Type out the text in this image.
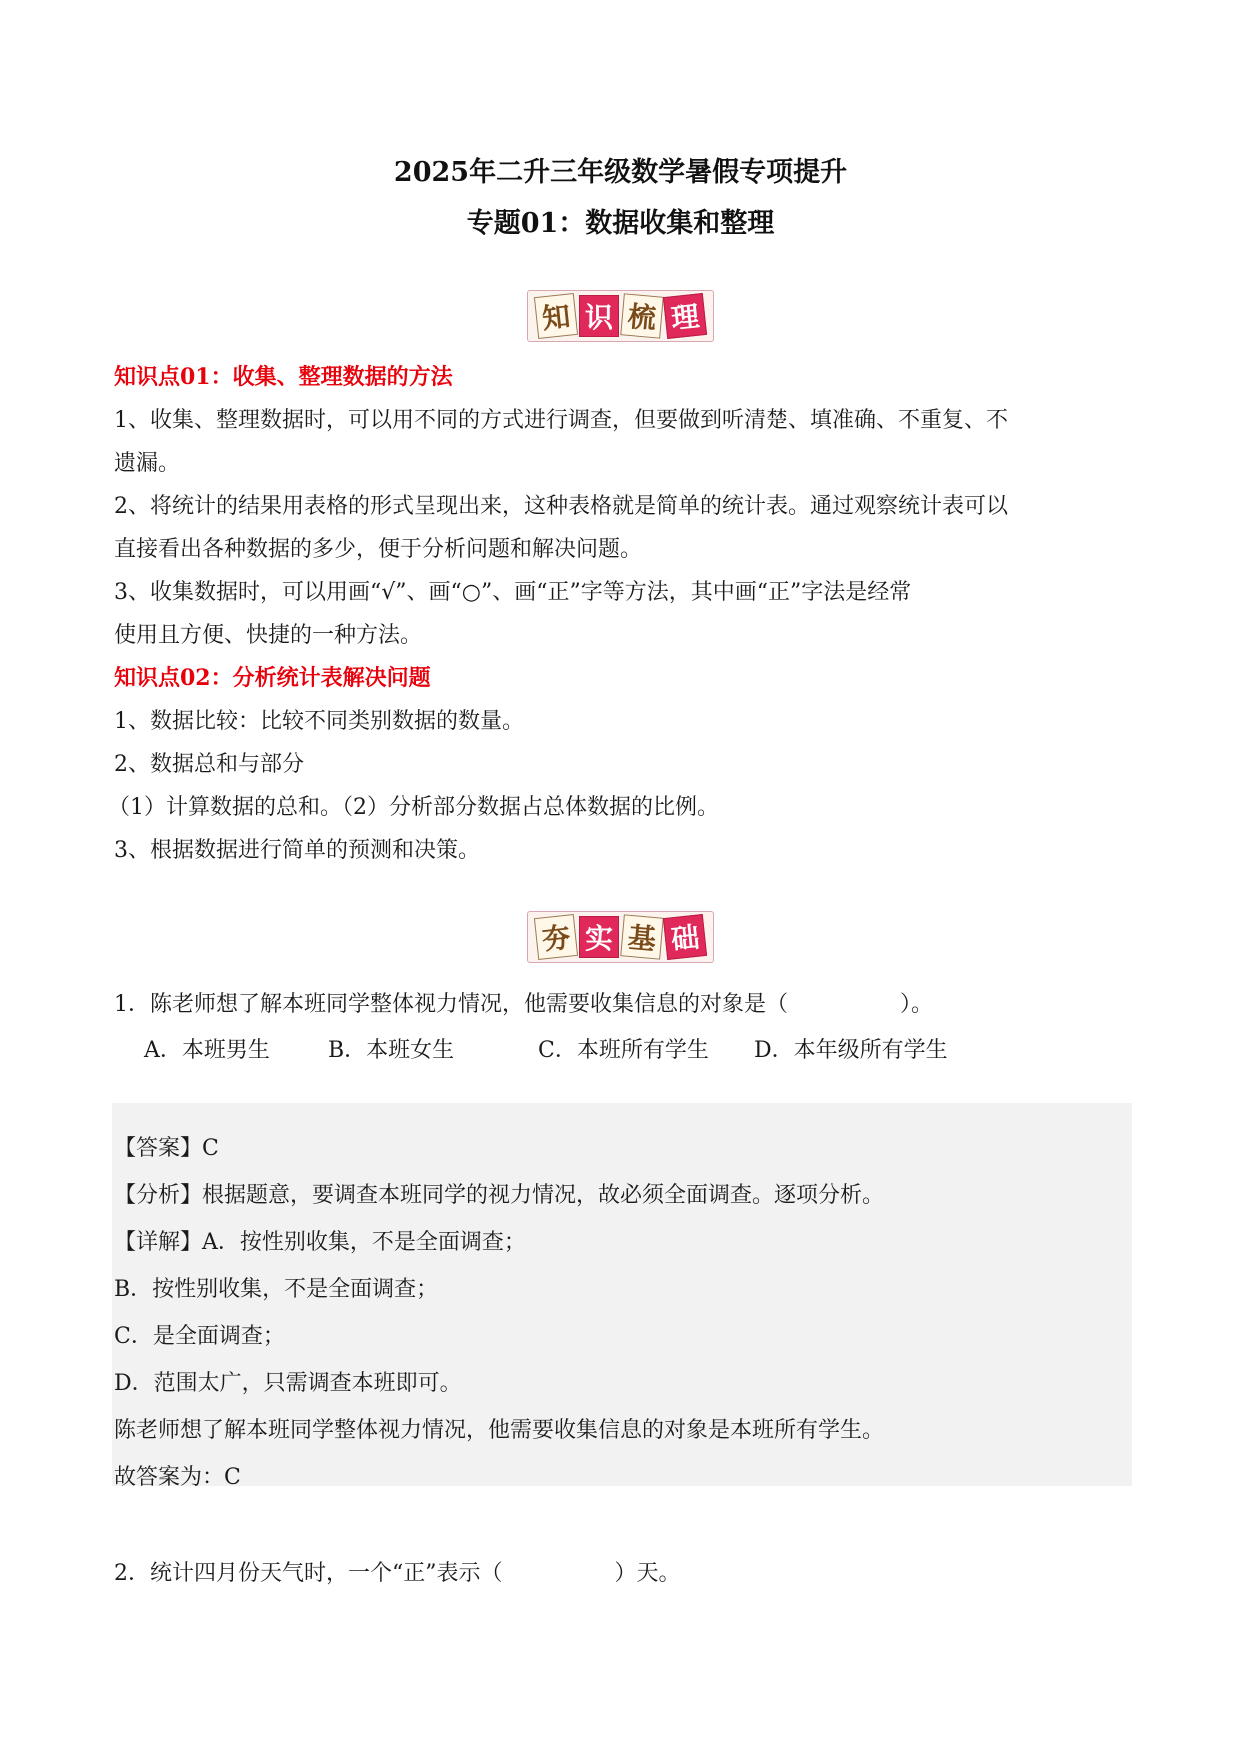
2025年二升三年级数学暑假专项提升
专题01：数据收集和整理
知 识 梳 理
知识点01：收集、整理数据的方法
1、收集、整理数据时，可以用不同的方式进行调查，但要做到听清楚、填准确、不重复、不
遗漏。
2、将统计的结果用表格的形式呈现出来，这种表格就是简单的统计表。通过观察统计表可以
直接看出各种数据的多少，便于分析问题和解决问题。
3、收集数据时，可以用画“√”、画“○”、画“正”字等方法，其中画“正”字法是经常
使用且方便、快捷的一种方法。
知识点02：分析统计表解决问题
1、数据比较：比较不同类别数据的数量。
2、数据总和与部分
（1）计算数据的总和。（2）分析部分数据占总体数据的比例。
3、根据数据进行简单的预测和决策。
夯 实 基 础
1．陈老师想了解本班同学整体视力情况，他需要收集信息的对象是（	）。
A．本班男生	B．本班女生	C．本班所有学生 D．本年级所有学生
【答案】C
【分析】根据题意，要调查本班同学的视力情况，故必须全面调查。逐项分析。
【详解】A．按性别收集，不是全面调查；
B．按性别收集，不是全面调查；
C．是全面调查；
D．范围太广，只需调查本班即可。
陈老师想了解本班同学整体视力情况，他需要收集信息的对象是本班所有学生。
故答案为：C
2．统计四月份天气时，一个“正”表示（	）天。
